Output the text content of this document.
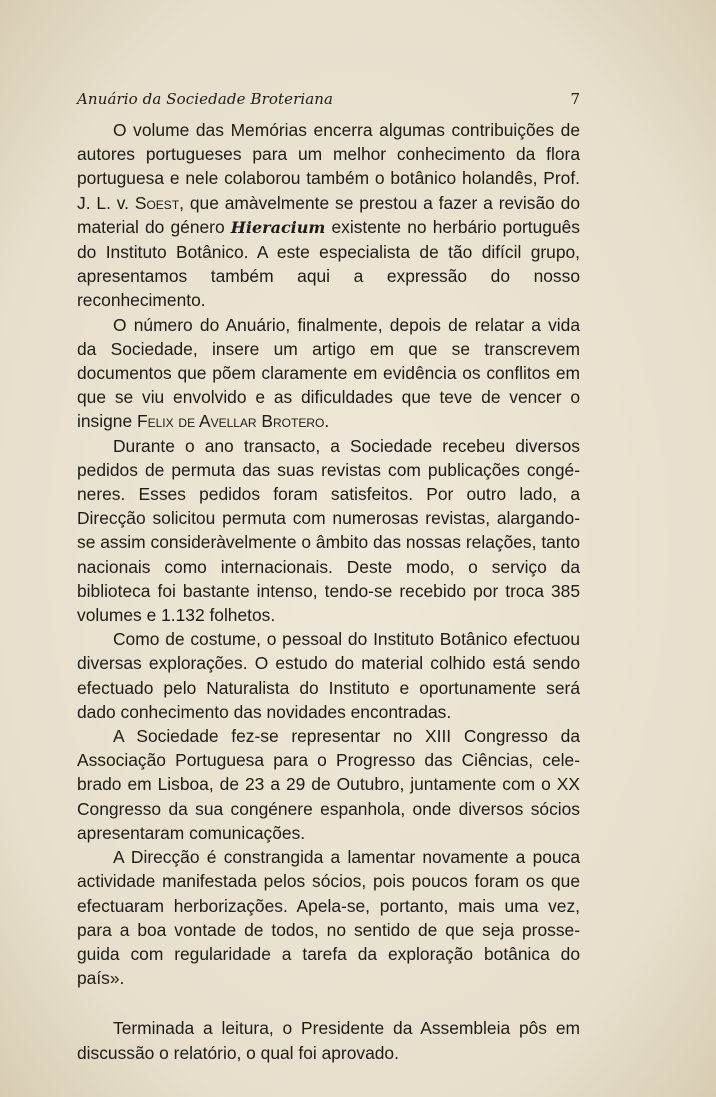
Anuário da Sociedade Broteriana	7

O volume das Memórias encerra algumas contribuições de autores portugueses para um melhor conhecimento da flora portuguesa e nele colaborou também o botânico holandês, Prof. J. L. v. Soest, que amàvelmente se prestou a fazer a revisão do material do género Hieracium existente no herbário português do Instituto Botânico. A este especialista de tão difícil grupo, apresentamos também aqui a expressão do nosso reconhecimento.

O número do Anuário, finalmente, depois de relatar a vida da Sociedade, insere um artigo em que se transcrevem documentos que põem claramente em evidência os conflitos em que se viu envolvido e as dificuldades que teve de vencer o insigne Felix de Avellar Brotero.

Durante o ano transacto, a Sociedade recebeu diversos pedidos de permuta das suas revistas com publicações congéneres. Esses pedidos foram satisfeitos. Por outro lado, a Direcção solicitou permuta com numerosas revistas, alargando-se assim consideràvelmente o âmbito das nossas relações, tanto nacionais como internacionais. Deste modo, o serviço da biblioteca foi bastante intenso, tendo-se recebido por troca 385 volumes e 1.132 folhetos.

Como de costume, o pessoal do Instituto Botânico efectuou diversas explorações. O estudo do material colhido está sendo efectuado pelo Naturalista do Instituto e oportunamente será dado conhecimento das novidades encontradas.

A Sociedade fez-se representar no XIII Congresso da Associação Portuguesa para o Progresso das Ciências, celebrado em Lisboa, de 23 a 29 de Outubro, juntamente com o XX Congresso da sua congénere espanhola, onde diversos sócios apresentaram comunicações.

A Direcção é constrangida a lamentar novamente a pouca actividade manifestada pelos sócios, pois poucos foram os que efectuaram herborizações. Apela-se, portanto, mais uma vez, para a boa vontade de todos, no sentido de que seja prosseguida com regularidade a tarefa da exploração botânica do país».

Terminada a leitura, o Presidente da Assembleia pôs em discussão o relatório, o qual foi aprovado.
